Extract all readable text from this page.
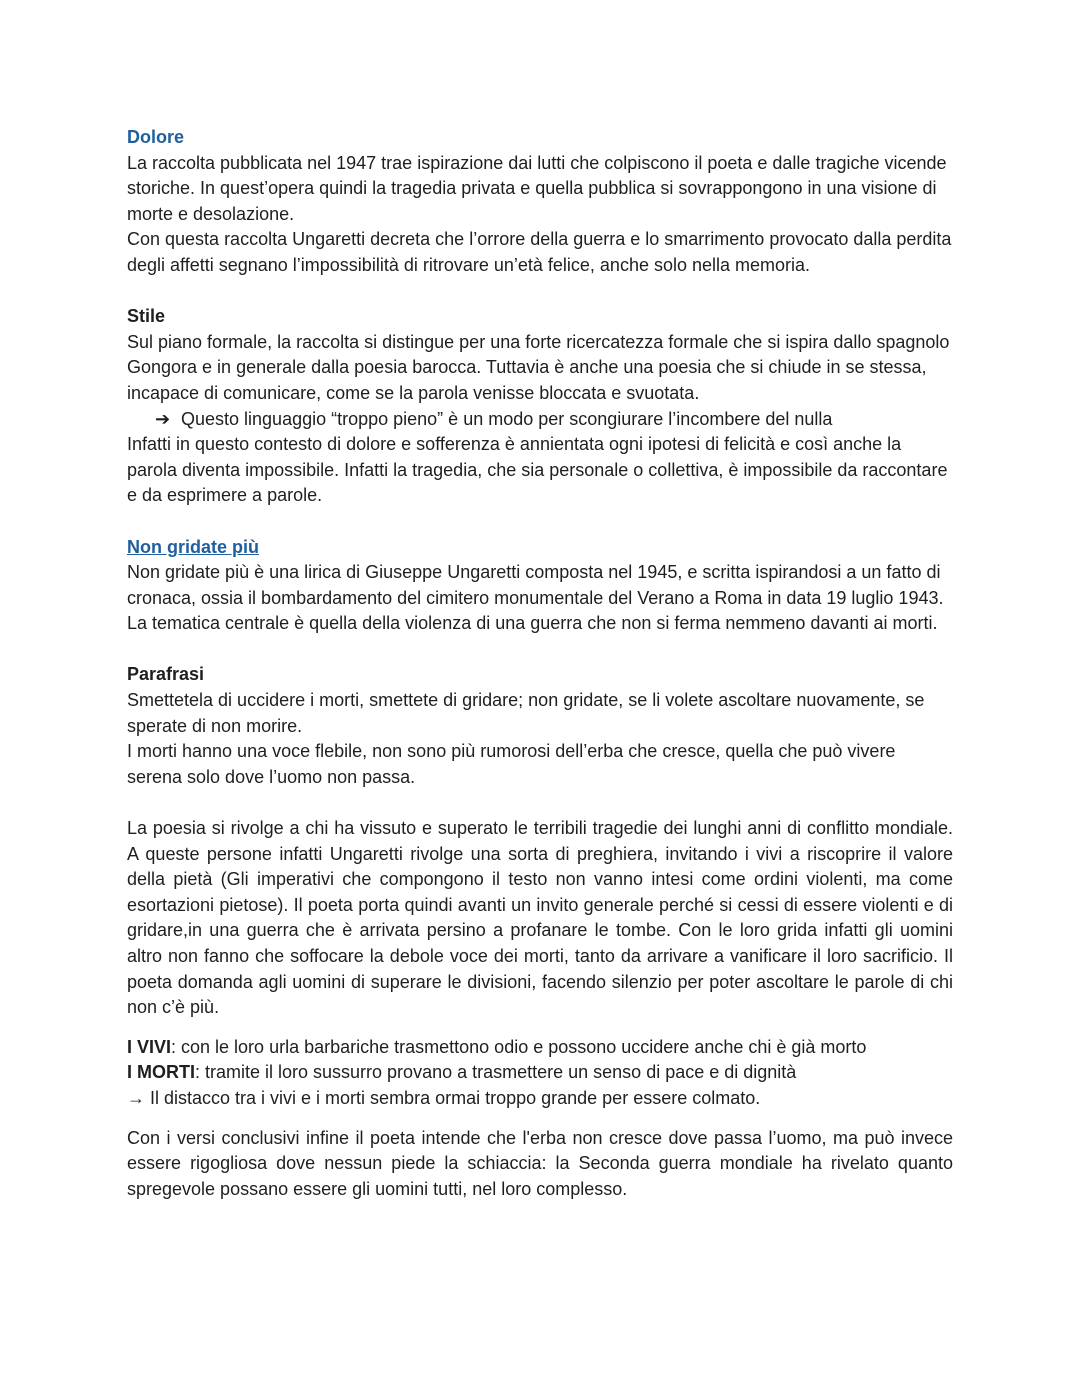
Dolore

La raccolta pubblicata nel 1947 trae ispirazione dai lutti che colpiscono il poeta e dalle tragiche vicende storiche. In quest’opera quindi la tragedia privata e quella pubblica si sovrappongono in una visione di morte e desolazione.

Con questa raccolta Ungaretti decreta che l’orrore della guerra e lo smarrimento provocato dalla perdita degli affetti segnano l’impossibilità di ritrovare un’età felice, anche solo nella memoria.

Stile

Sul piano formale, la raccolta si distingue per una forte ricercatezza formale che si ispira dallo spagnolo Gongora e in generale dalla poesia barocca. Tuttavia è anche una poesia che si chiude in se stessa, incapace di comunicare, come se la parola venisse bloccata e svuotata.

➔ Questo linguaggio “troppo pieno” è un modo per scongiurare l’incombere del nulla

Infatti in questo contesto di dolore e sofferenza è annientata ogni ipotesi di felicità e così anche la parola diventa impossibile. Infatti la tragedia, che sia personale o collettiva, è impossibile da raccontare e da esprimere a parole.

Non gridate più

Non gridate più è una lirica di Giuseppe Ungaretti composta nel 1945, e scritta ispirandosi a un fatto di cronaca, ossia il bombardamento del cimitero monumentale del Verano a Roma in data 19 luglio 1943. La tematica centrale è quella della violenza di una guerra che non si ferma nemmeno davanti ai morti.

Parafrasi

Smettetela di uccidere i morti, smettete di gridare; non gridate, se li volete ascoltare nuovamente, se sperate di non morire.

I morti hanno una voce flebile, non sono più rumorosi dell’erba che cresce, quella che può vivere serena solo dove l’uomo non passa.

La poesia si rivolge a chi ha vissuto e superato le terribili tragedie dei lunghi anni di conflitto mondiale. A queste persone infatti Ungaretti rivolge una sorta di preghiera, invitando i vivi a riscoprire il valore della pietà (Gli imperativi che compongono il testo non vanno intesi come ordini violenti, ma come esortazioni pietose). Il poeta porta quindi avanti un invito generale perché si cessi di essere violenti e di gridare,in una guerra che è arrivata persino a profanare le tombe. Con le loro grida infatti gli uomini altro non fanno che soffocare la debole voce dei morti, tanto da arrivare a vanificare il loro sacrificio. Il poeta domanda agli uomini di superare le divisioni, facendo silenzio per poter ascoltare le parole di chi non c’è più.

I VIVI: con le loro urla barbariche trasmettono odio e possono uccidere anche chi è già morto
I MORTI: tramite il loro sussurro provano a trasmettere un senso di pace e di dignità
→ Il distacco tra i vivi e i morti sembra ormai troppo grande per essere colmato.

Con i versi conclusivi infine il poeta intende che l'erba non cresce dove passa l’uomo, ma può invece essere rigogliosa dove nessun piede la schiaccia: la Seconda guerra mondiale ha rivelato quanto spregevole possano essere gli uomini tutti, nel loro complesso.
